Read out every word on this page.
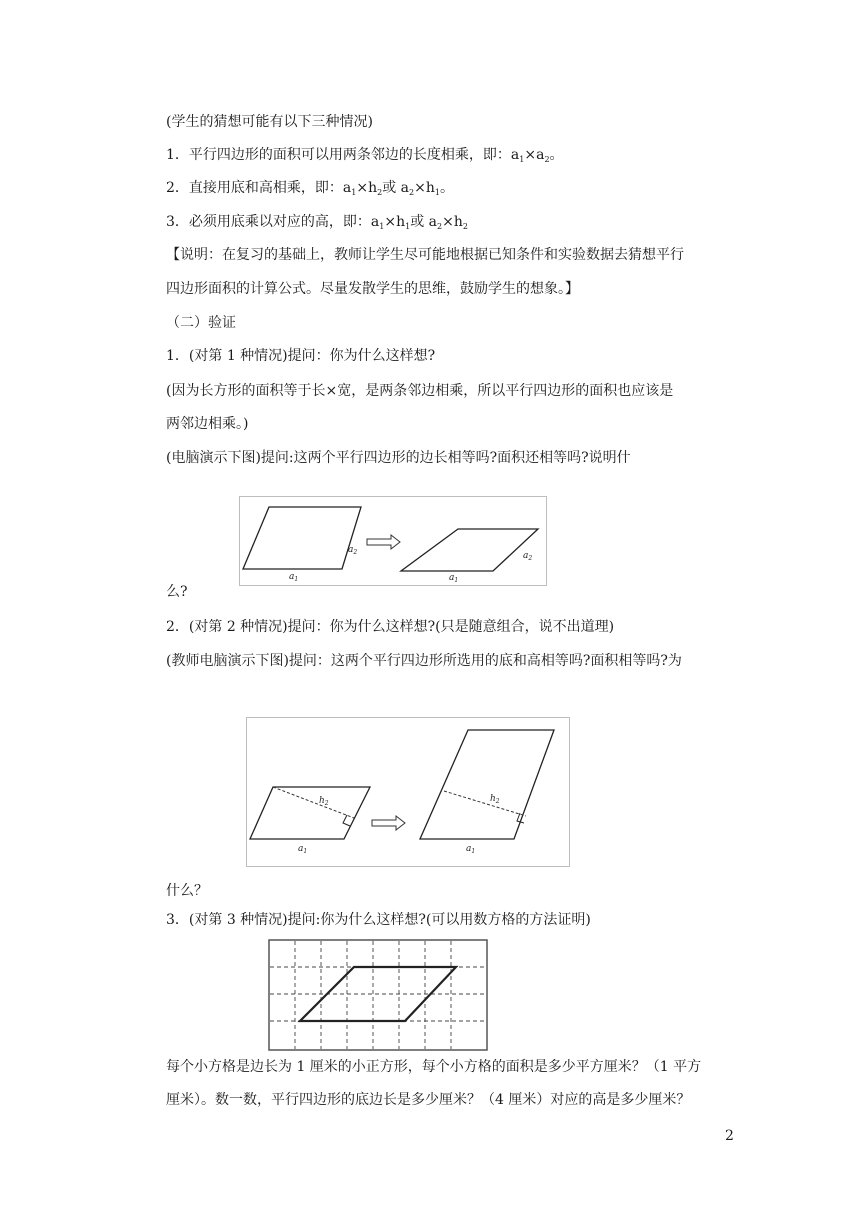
(学生的猜想可能有以下三种情况)
1．平行四边形的面积可以用两条邻边的长度相乘，即：$a_1\times a_2$。
2．直接用底和高相乘，即：$a_1\times h_2$或 $a_2\times h_1$。
3．必须用底乘以对应的高，即：$a_1\times h_1$或 $a_2\times h_2$
【说明：在复习的基础上，教师让学生尽可能地根据已知条件和实验数据去猜想平行
四边形面积的计算公式。尽量发散学生的思维，鼓励学生的想象。】
（二）验证
1．(对第 1 种情况)提问：你为什么这样想?
(因为长方形的面积等于长×宽，是两条邻边相乘，所以平行四边形的面积也应该是
两邻边相乘。)
(电脑演示下图)提问:这两个平行四边形的边长相等吗?面积还相等吗?说明什
$a_1$
$a_2$
$a_1$
$a_2$
么?
2．(对第 2 种情况)提问：你为什么这样想?(只是随意组合，说不出道理)
(教师电脑演示下图)提问：这两个平行四边形所选用的底和高相等吗?面积相等吗?为
$h_2$
$a_1$
$h_2$
$a_1$
什么？
3．(对第 3 种情况)提问:你为什么这样想?(可以用数方格的方法证明)
每个小方格是边长为 1 厘米的小正方形，每个小方格的面积是多少平方厘米？（1 平方
厘米）。数一数，平行四边形的底边长是多少厘米？（4 厘米）对应的高是多少厘米？
2
